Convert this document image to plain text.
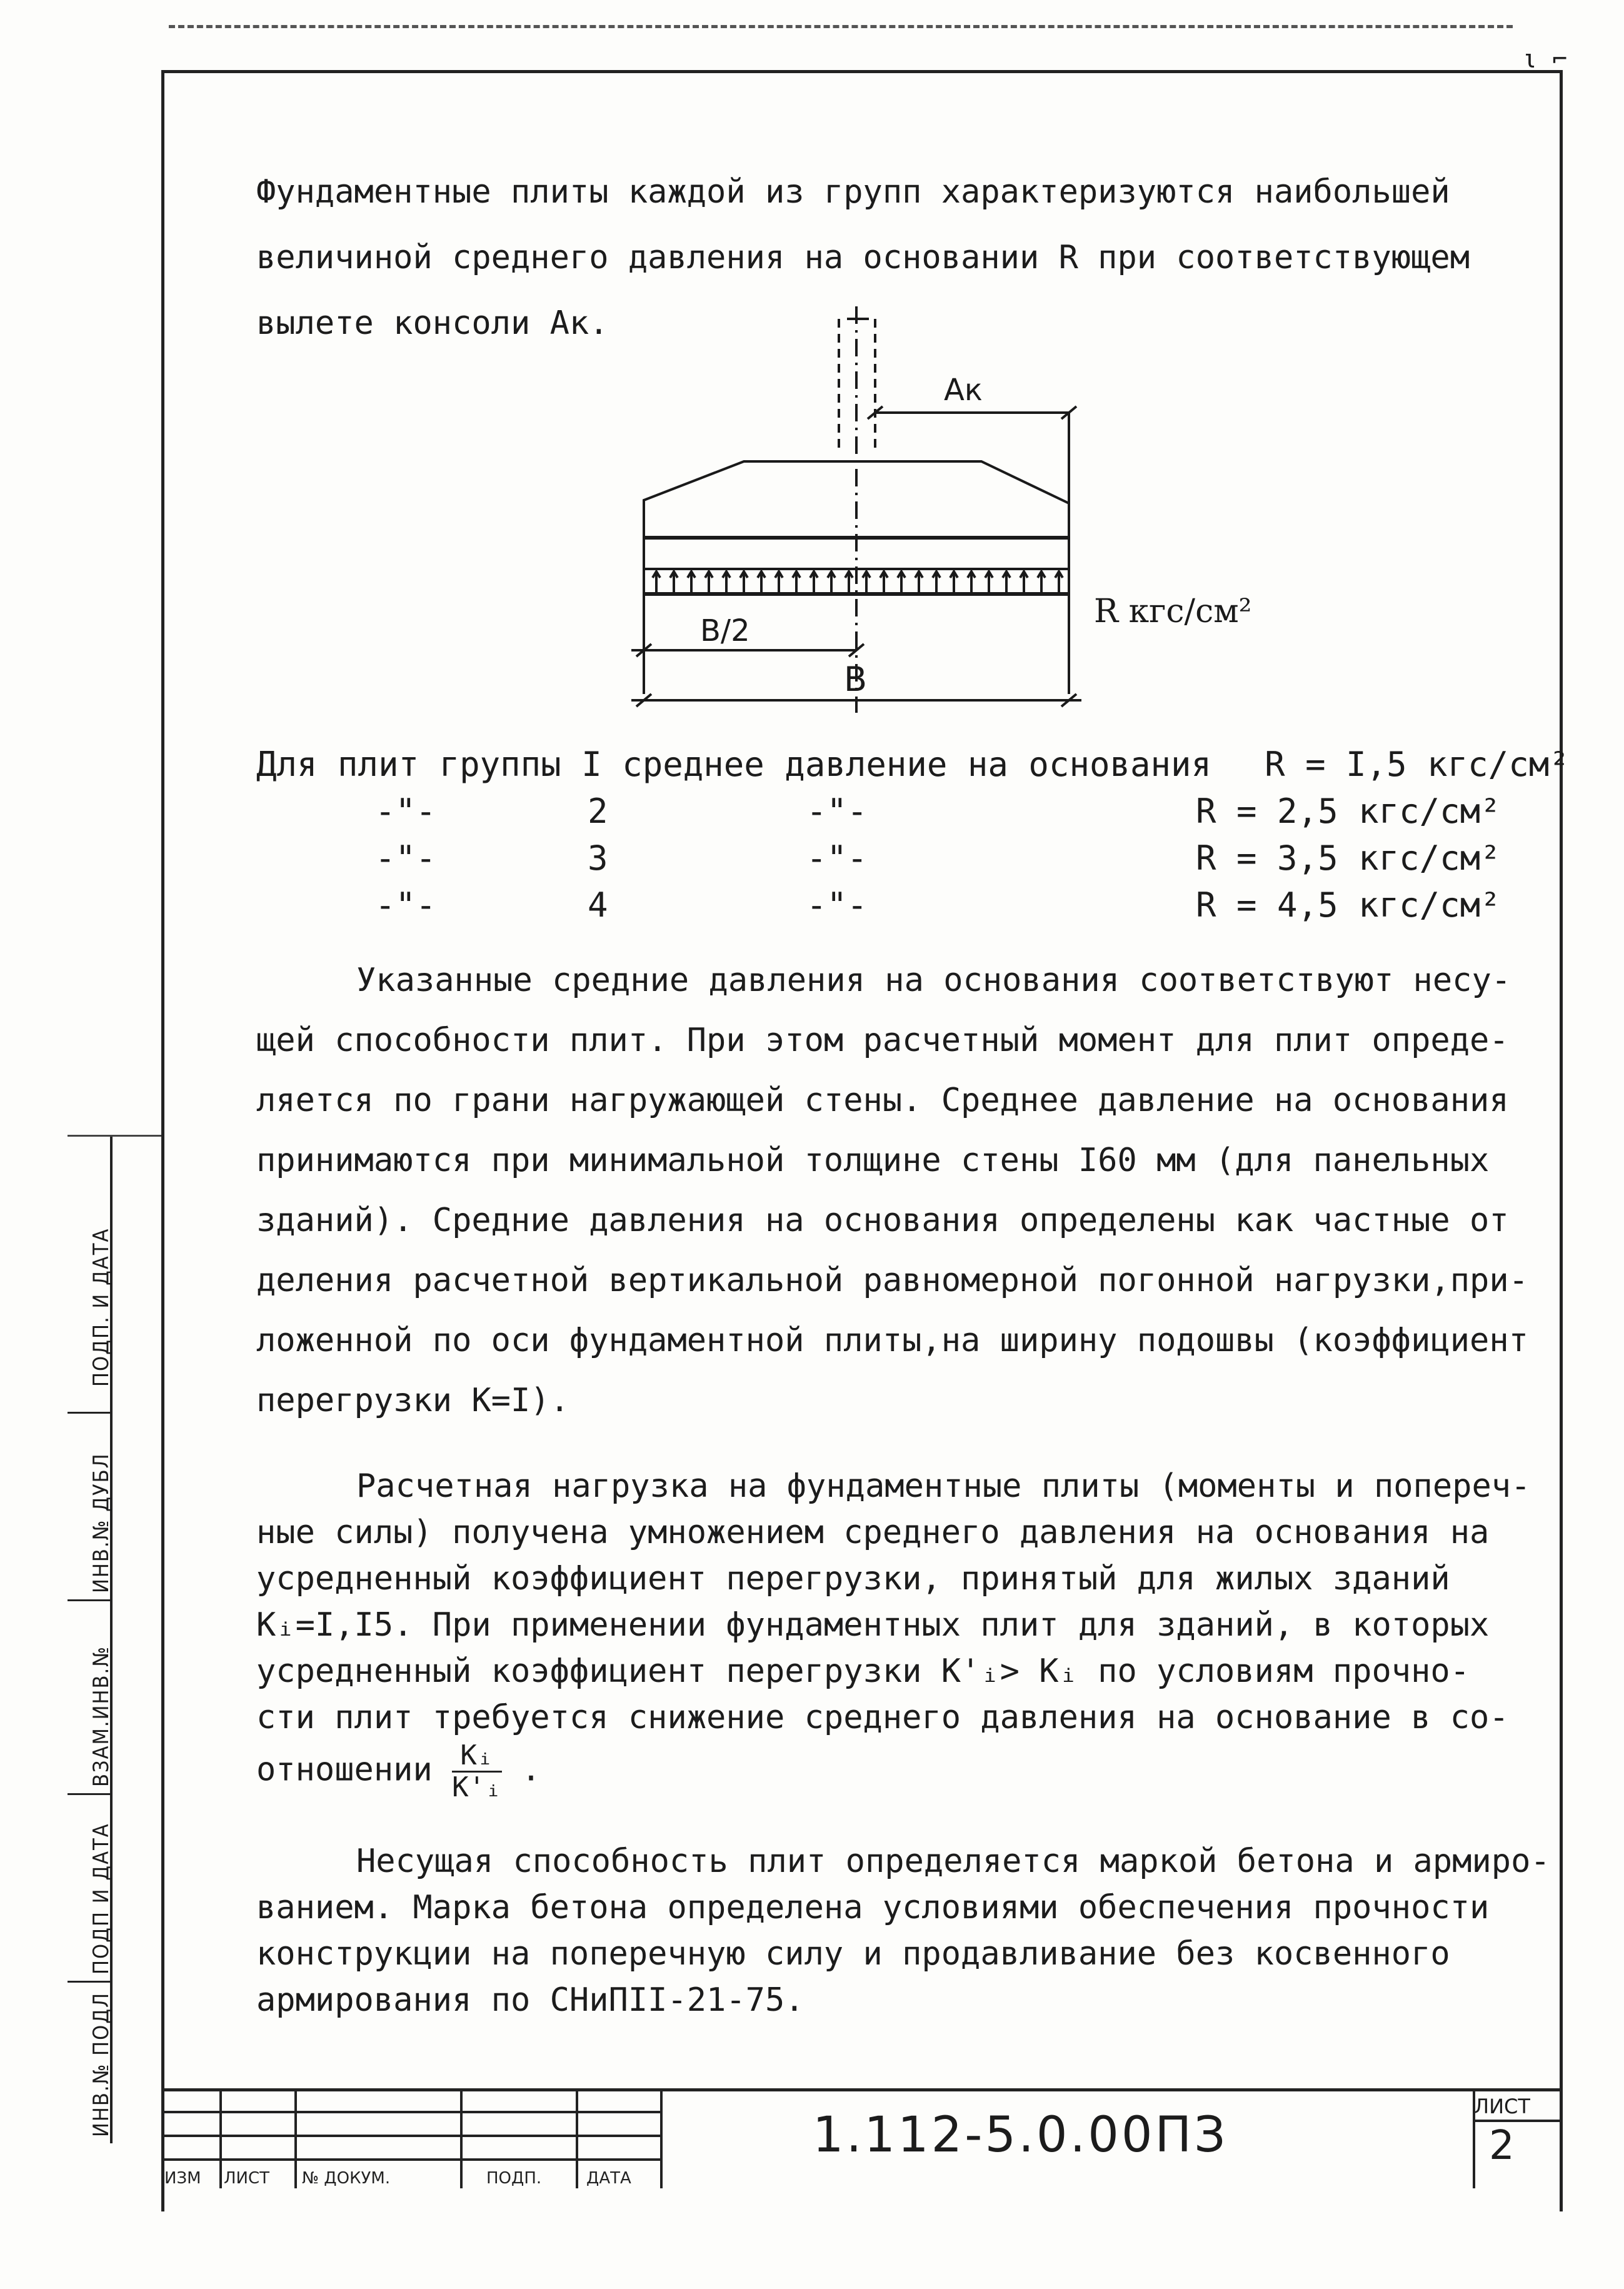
ι ⌐

Фундаментные плиты каждой из групп характеризуются наибольшей

величиной среднего давления на основании R при соответствующем

вылете консоли Ак.

Ак
R кгс/см²
В/2
В

Для плит группы I среднее давление на основания R = I,5 кгс/см²

-"-	2	-"-	R = 2,5 кгс/см²

-"-	3	-"-	R = 3,5 кгс/см²

-"-	4	-"-	R = 4,5 кгс/см²

Указанные средние давления на основания соответствуют несу-

щей способности плит. При этом расчетный момент для плит опреде-

ляется по грани нагружающей стены. Среднее давление на основания

принимаются при минимальной толщине стены I60 мм (для панельных

зданий). Средние давления на основания определены как частные от

деления расчетной вертикальной равномерной погонной нагрузки,при-

ложенной по оси фундаментной плиты,на ширину подошвы (коэффициент

перегрузки К=I).

Расчетная нагрузка на фундаментные плиты (моменты и попереч-

ные силы) получена умножением среднего давления на основания на

усредненный коэффициент перегрузки, принятый для жилых зданий

Кᵢ=I,I5. При применении фундаментных плит для зданий, в которых

усредненный коэффициент перегрузки К'ᵢ> Кᵢ по условиям прочно-

сти плит требуется снижение среднего давления на основание в со-

отношении $\frac{\text{Кᵢ}}{\text{К'ᵢ}}$ .

Несущая способность плит определяется маркой бетона и армиро-

ванием. Марка бетона определена условиями обеспечения прочности

конструкции на поперечную силу и продавливание без косвенного

армирования по СНиПII-21-75.

ПОДП. И ДАТА
ИНВ.№ ДУБЛ
ВЗАМ.ИНВ.№
ПОДП И ДАТА
ИНВ.№ ПОДЛ
ИЗМ ЛИСТ № ДОКУМ.	ПОДП.	ДАТА
1.112-5.0.00ПЗ
ЛИСТ
2
